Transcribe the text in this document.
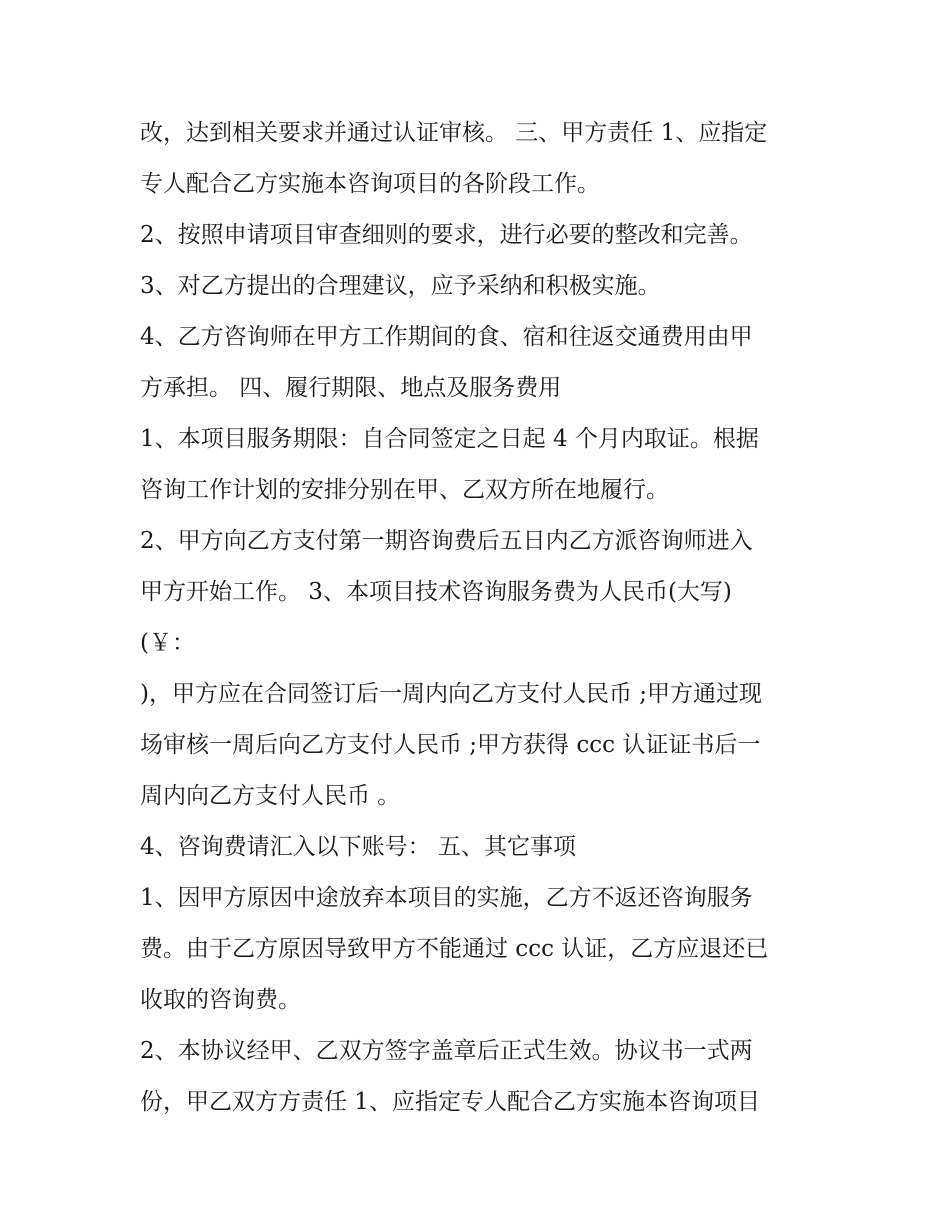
改，达到相关要求并通过认证审核。 三、甲方责任 1、应指定
专人配合乙方实施本咨询项目的各阶段工作。
2、按照申请项目审查细则的要求，进行必要的整改和完善。
3、对乙方提出的合理建议，应予采纳和积极实施。
4、乙方咨询师在甲方工作期间的食、宿和往返交通费用由甲
方承担。 四、履行期限、地点及服务费用
1、本项目服务期限：自合同签定之日起 4 个月内取证。根据
咨询工作计划的安排分别在甲、乙双方所在地履行。
2、甲方向乙方支付第一期咨询费后五日内乙方派咨询师进入
甲方开始工作。 3、本项目技术咨询服务费为人民币(大写)
(￥：
)，甲方应在合同签订后一周内向乙方支付人民币 ;甲方通过现
场审核一周后向乙方支付人民币 ;甲方获得 ccc 认证证书后一
周内向乙方支付人民币 。
4、咨询费请汇入以下账号： 五、其它事项
1、因甲方原因中途放弃本项目的实施，乙方不返还咨询服务
费。由于乙方原因导致甲方不能通过 ccc 认证，乙方应退还已
收取的咨询费。
2、本协议经甲、乙双方签字盖章后正式生效。协议书一式两
份，甲乙双方方责任 1、应指定专人配合乙方实施本咨询项目
